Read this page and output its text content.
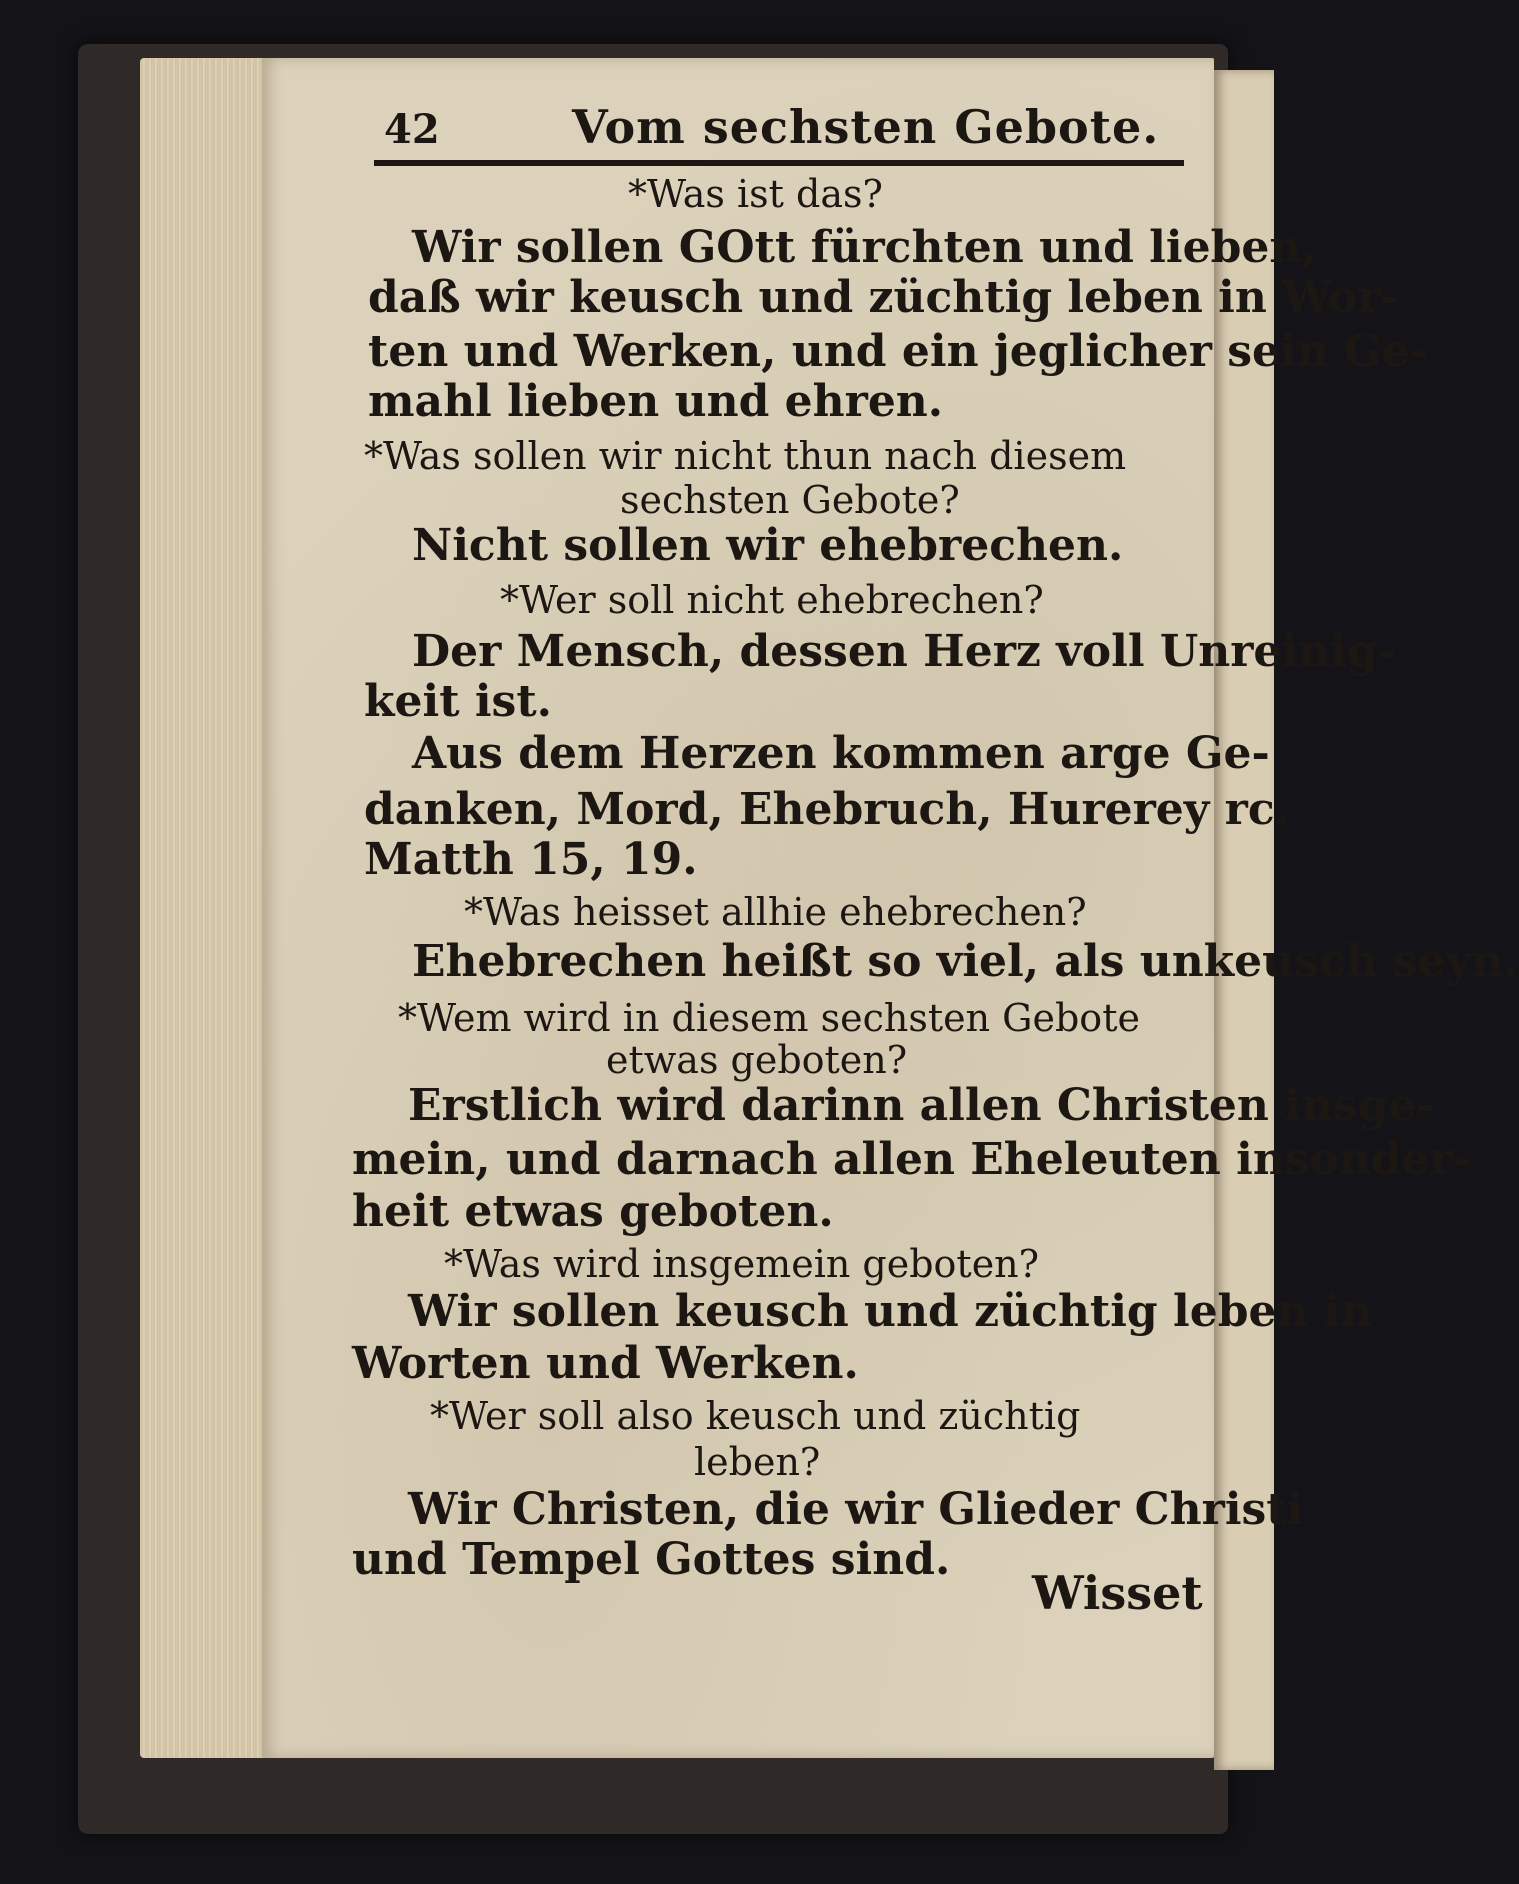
42	Vom sechsten Gebote.
*Was ist das?
Wir sollen GOtt fürchten und lieben,
daß wir keusch und züchtig leben in Wor-
ten und Werken, und ein jeglicher sein Ge-
mahl lieben und ehren.
*Was sollen wir nicht thun nach diesem
sechsten Gebote?
Nicht sollen wir ehebrechen.
*Wer soll nicht ehebrechen?
Der Mensch, dessen Herz voll Unreinig-
keit ist.
Aus dem Herzen kommen arge Ge-
danken, Mord, Ehebruch, Hurerey rc.
Matth 15, 19.
*Was heisset allhie ehebrechen?
Ehebrechen heißt so viel, als unkeusch seyn.
*Wem wird in diesem sechsten Gebote
etwas geboten?
Erstlich wird darinn allen Christen insge-
mein, und darnach allen Eheleuten insonder-
heit etwas geboten.
*Was wird insgemein geboten?
Wir sollen keusch und züchtig leben in
Worten und Werken.
*Wer soll also keusch und züchtig
leben?
Wir Christen, die wir Glieder Christi
und Tempel Gottes sind.
Wisset
